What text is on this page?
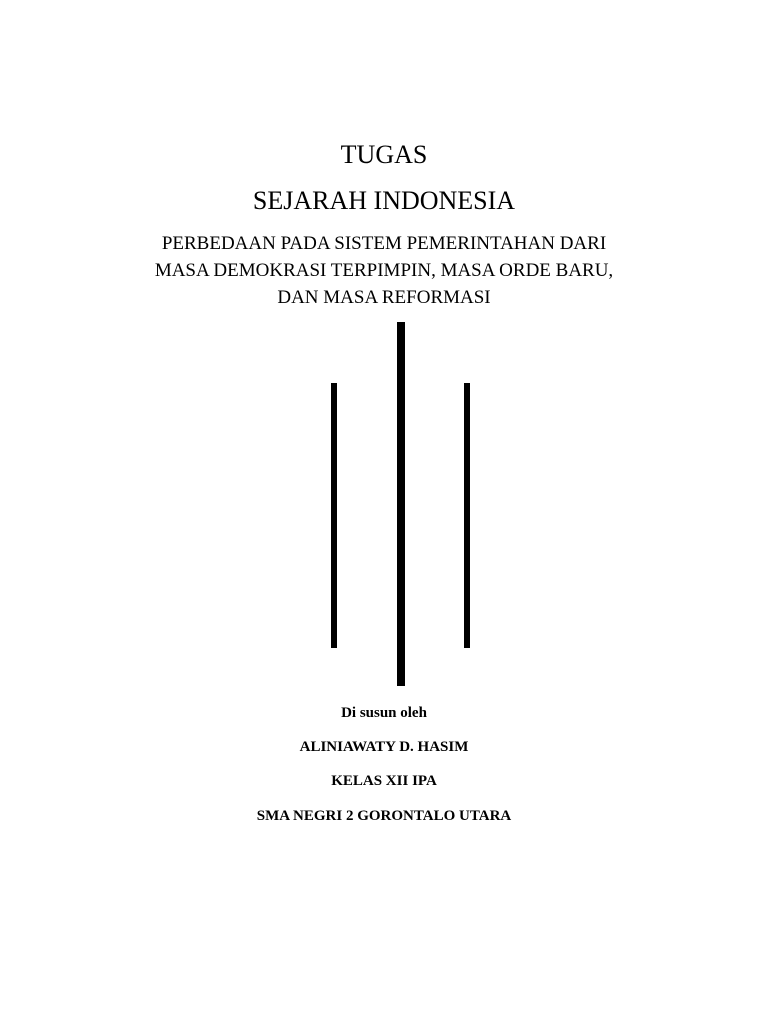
TUGAS
SEJARAH INDONESIA
PERBEDAAN PADA SISTEM PEMERINTAHAN DARI
MASA DEMOKRASI TERPIMPIN, MASA ORDE BARU,
DAN MASA REFORMASI
Di susun oleh
ALINIAWATY D. HASIM
KELAS XII IPA
SMA NEGRI 2 GORONTALO UTARA
